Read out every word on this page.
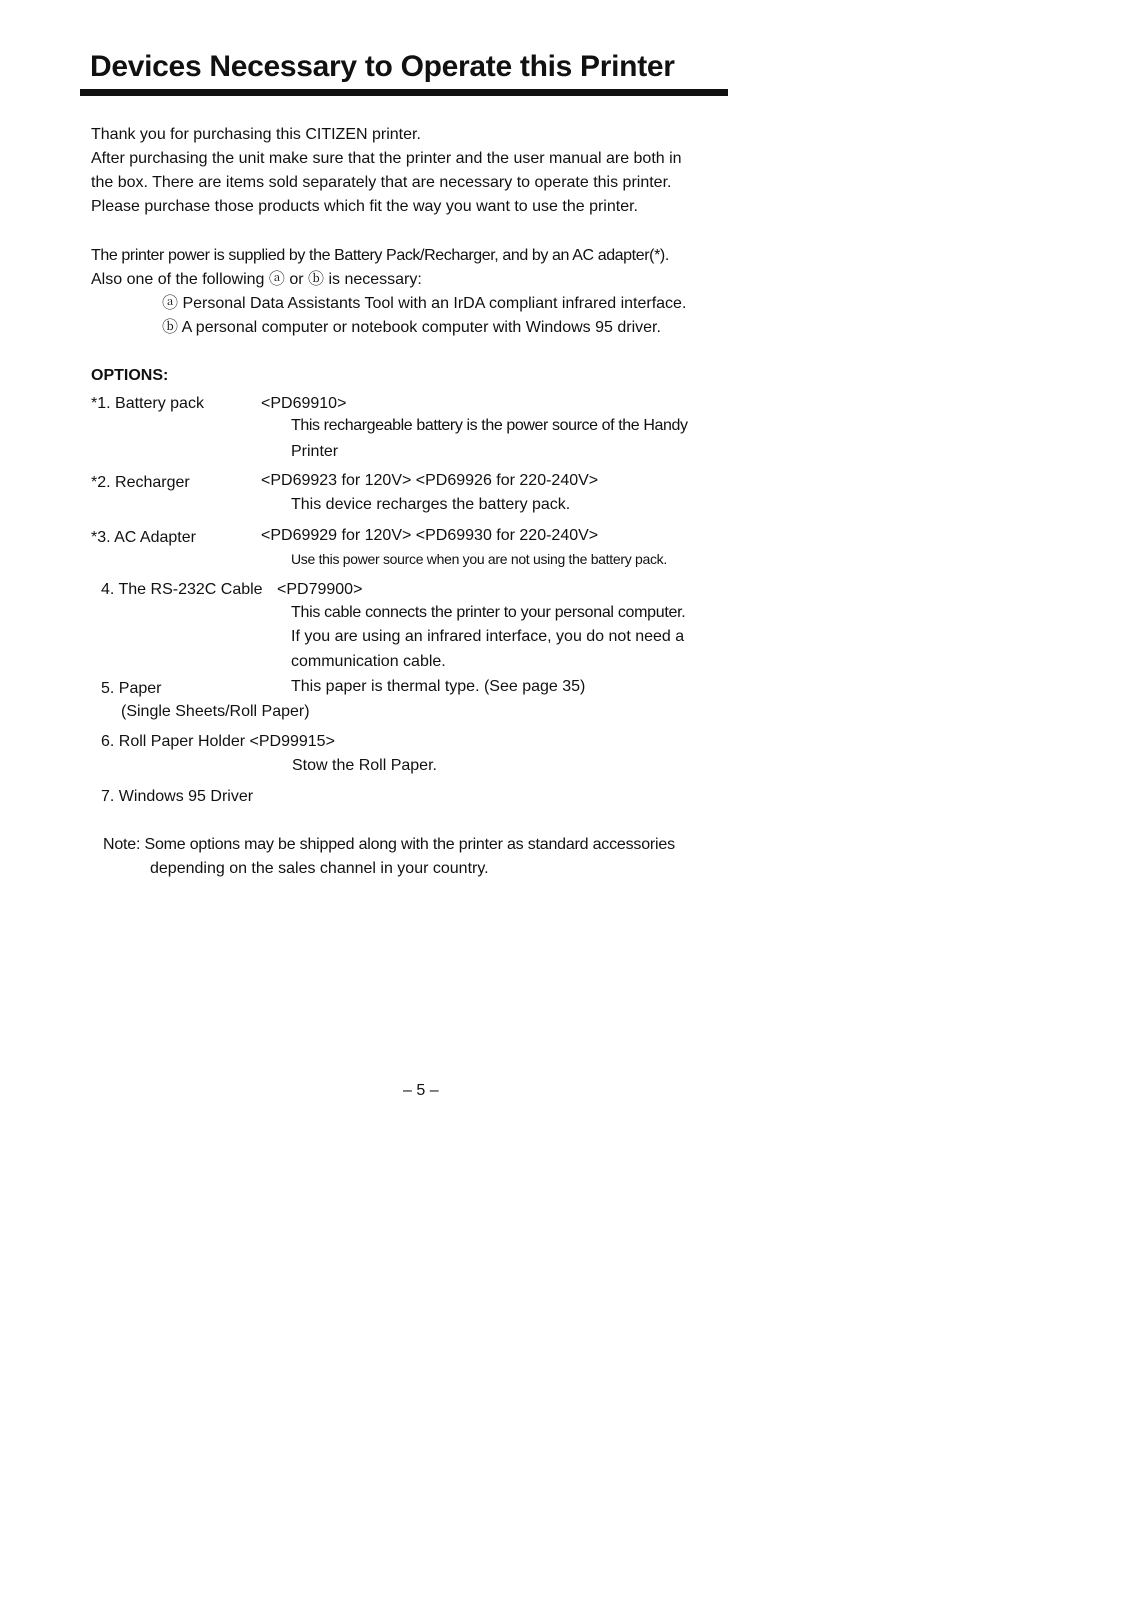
Devices Necessary to Operate this Printer
Thank you for purchasing this CITIZEN printer.
After purchasing the unit make sure that the printer and the user manual are both in
the box. There are items sold separately that are necessary to operate this printer.
Please purchase those products which fit the way you want to use the printer.
The printer power is supplied by the Battery Pack/Recharger, and by an AC adapter(*).
Also one of the following ⓐ or ⓑ is necessary:
ⓐ Personal Data Assistants Tool with an IrDA compliant infrared interface.
ⓑ A personal computer or notebook computer with Windows 95 driver.
OPTIONS:
*1. Battery pack	<PD69910>
This rechargeable battery is the power source of the Handy
Printer
*2. Recharger	<PD69923 for 120V> <PD69926 for 220-240V>
This device recharges the battery pack.
*3. AC Adapter	<PD69929 for 120V> <PD69930 for 220-240V>
Use this power source when you are not using the battery pack.
4. The RS-232C Cable <PD79900>
This cable connects the printer to your personal computer.
If you are using an infrared interface, you do not need a
communication cable.
5. Paper	This paper is thermal type. (See page 35)
(Single Sheets/Roll Paper)
6. Roll Paper Holder <PD99915>
Stow the Roll Paper.
7. Windows 95 Driver
Note: Some options may be shipped along with the printer as standard accessories
depending on the sales channel in your country.
– 5 –
